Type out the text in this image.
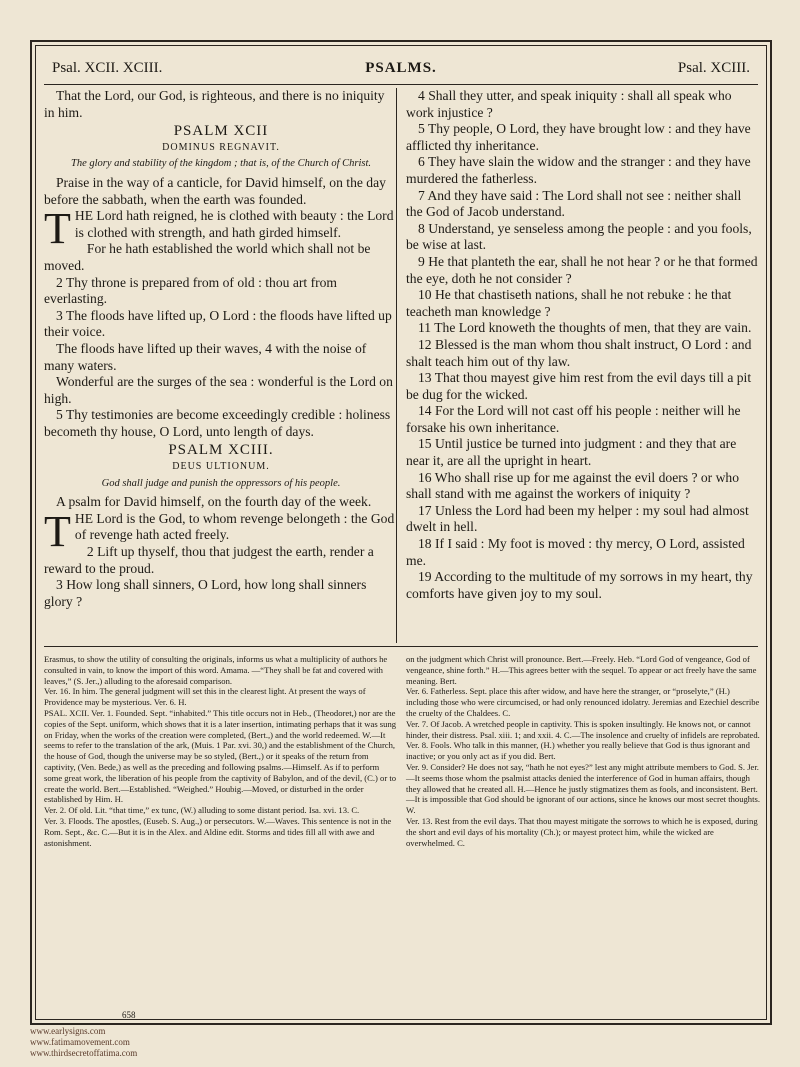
Psal. XCII. XCIII.	PSALMS.	Psal. XCIII.

That the Lord, our God, is righteous, and there is no iniquity in him.

PSALM XCII

DOMINUS REGNAVIT.

The glory and stability of the kingdom ; that is, of the Church of Christ.

Praise in the way of a canticle, for David himself, on the day before the sabbath, when the earth was founded.

THE Lord hath reigned, he is clothed with beauty : the Lord is clothed with strength, and hath girded himself.

For he hath established the world which shall not be moved.

2 Thy throne is prepared from of old : thou art from everlasting.

3 The floods have lifted up, O Lord : the floods have lifted up their voice.

The floods have lifted up their waves, 4 with the noise of many waters.

Wonderful are the surges of the sea : wonderful is the Lord on high.

5 Thy testimonies are become exceedingly credible : holiness becometh thy house, O Lord, unto length of days.

PSALM XCIII.

DEUS ULTIONUM.

God shall judge and punish the oppressors of his people.

A psalm for David himself, on the fourth day of the week.

THE Lord is the God, to whom revenge belongeth : the God of revenge hath acted freely.

2 Lift up thyself, thou that judgest the earth, render a reward to the proud.

3 How long shall sinners, O Lord, how long shall sinners glory ?

4 Shall they utter, and speak iniquity : shall all speak who work injustice ?

5 Thy people, O Lord, they have brought low : and they have afflicted thy inheritance.

6 They have slain the widow and the stranger : and they have murdered the fatherless.

7 And they have said : The Lord shall not see : neither shall the God of Jacob understand.

8 Understand, ye senseless among the people : and you fools, be wise at last.

9 He that planteth the ear, shall he not hear ? or he that formed the eye, doth he not consider ?

10 He that chastiseth nations, shall he not rebuke : he that teacheth man knowledge ?

11 The Lord knoweth the thoughts of men, that they are vain.

12 Blessed is the man whom thou shalt instruct, O Lord : and shalt teach him out of thy law.

13 That thou mayest give him rest from the evil days till a pit be dug for the wicked.

14 For the Lord will not cast off his people : neither will he forsake his own inheritance.

15 Until justice be turned into judgment : and they that are near it, are all the upright in heart.

16 Who shall rise up for me against the evil doers ? or who shall stand with me against the workers of iniquity ?

17 Unless the Lord had been my helper : my soul had almost dwelt in hell.

18 If I said : My foot is moved : thy mercy, O Lord, assisted me.

19 According to the multitude of my sorrows in my heart, thy comforts have given joy to my soul.

Erasmus, to show the utility of consulting the originals, informs us what a multiplicity of authors he consulted in vain, to know the import of this word. Amama. —“They shall be fat and covered with leaves,” (S. Jer.,) alluding to the aforesaid comparison.
Ver. 16. In him. The general judgment will set this in the clearest light. At present the ways of Providence may be mysterious. Ver. 6. H.
PSAL. XCII. Ver. 1. Founded. Sept. “inhabited.” This title occurs not in Heb., (Theodoret,) nor are the copies of the Sept. uniform, which shows that it is a later insertion, intimating perhaps that it was sung on Friday, when the works of the creation were completed, (Bert.,) and the world redeemed. W.—It seems to refer to the translation of the ark, (Muis. 1 Par. xvi. 30,) and the establishment of the Church, the house of God, though the universe may be so styled, (Bert.,) or it speaks of the return from captivity, (Ven. Bede,) as well as the preceding and following psalms.—Himself. As if to perform some great work, the liberation of his people from the captivity of Babylon, and of the devil, (C.) or to create the world. Bert.—Established. “Weighed.” Houbig.—Moved, or disturbed in the order established by Him. H.
Ver. 2. Of old. Lit. “that time,” ex tunc, (W.) alluding to some distant period. Isa. xvi. 13. C.
Ver. 3. Floods. The apostles, (Euseb. S. Aug.,) or persecutors. W.—Waves. This sentence is not in the Rom. Sept., &c. C.—But it is in the Alex. and Aldine edit. Storms and tides fill all with awe and astonishment.
on the judgment which Christ will pronounce. Bert.—Freely. Heb. “Lord God of vengeance, God of vengeance, shine forth.” H.—This agrees better with the sequel. To appear or act freely have the same meaning. Bert.
Ver. 6. Fatherless. Sept. place this after widow, and have here the stranger, or “proselyte,” (H.) including those who were circumcised, or had only renounced idolatry. Jeremias and Ezechiel describe the cruelty of the Chaldees. C.
Ver. 7. Of Jacob. A wretched people in captivity. This is spoken insultingly. He knows not, or cannot hinder, their distress. Psal. xiii. 1; and xxii. 4. C.—The insolence and cruelty of infidels are reprobated.
Ver. 8. Fools. Who talk in this manner, (H.) whether you really believe that God is thus ignorant and inactive; or you only act as if you did. Bert.
Ver. 9. Consider? He does not say, “hath he not eyes?” lest any might attribute members to God. S. Jer.—It seems those whom the psalmist attacks denied the interference of God in human affairs, though they allowed that he created all. H.—Hence he justly stigmatizes them as fools, and inconsistent. Bert.—It is impossible that God should be ignorant of our actions, since he knows our most secret thoughts. W.
Ver. 13. Rest from the evil days. That thou mayest mitigate the sorrows to which he is exposed, during the short and evil days of his mortality (Ch.); or mayest protect him, while the wicked are overwhelmed. C.
658
www.earlysigns.com
www.fatimamovement.com
www.thirdsecretoffatima.com
